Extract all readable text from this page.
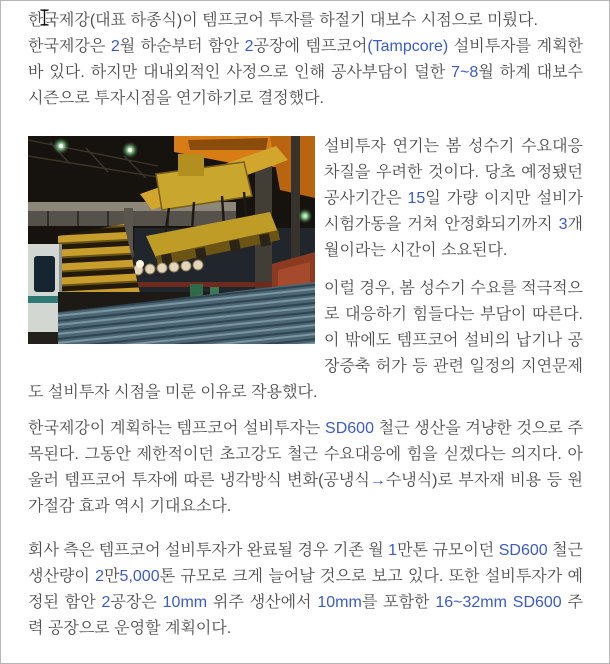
한국제강(대표 하종식)이 템프코어 투자를 하절기 대보수 시점으로 미뤘다.

한국제강은 2월 하순부터 함안 2공장에 템프코어(Tampcore) 설비투자를 계획한 바 있다. 하지만 대내외적인 사정으로 인해 공사부담이 덜한 7~8월 하계 대보수 시즌으로 투자시점을 연기하기로 결정했다.

설비투자 연기는 봄 성수기 수요대응 차질을 우려한 것이다. 당초 예정됐던 공사기간은 15일 가량 이지만 설비가 시험가동을 거쳐 안정화되기까지 3개월이라는 시간이 소요된다.

이럴 경우, 봄 성수기 수요를 적극적으로 대응하기 힘들다는 부담이 따른다. 이 밖에도 템프코어 설비의 납기나 공장증축 허가 등 관련 일정의 지연문제도 설비투자 시점을 미룬 이유로 작용했다.

한국제강이 계획하는 템프코어 설비투자는 SD600 철근 생산을 겨냥한 것으로 주목된다. 그동안 제한적이던 초고강도 철근 수요대응에 힘을 싣겠다는 의지다. 아울러 템프코어 투자에 따른 냉각방식 변화(공냉식→수냉식)로 부자재 비용 등 원가절감 효과 역시 기대요소다.

회사 측은 템프코어 설비투자가 완료될 경우 기존 월 1만톤 규모이던 SD600 철근 생산량이 2만5,000톤 규모로 크게 늘어날 것으로 보고 있다. 또한 설비투자가 예정된 함안 2공장은 10mm 위주 생산에서 10mm를 포함한 16~32mm SD600 주력 공장으로 운영할 계획이다.
